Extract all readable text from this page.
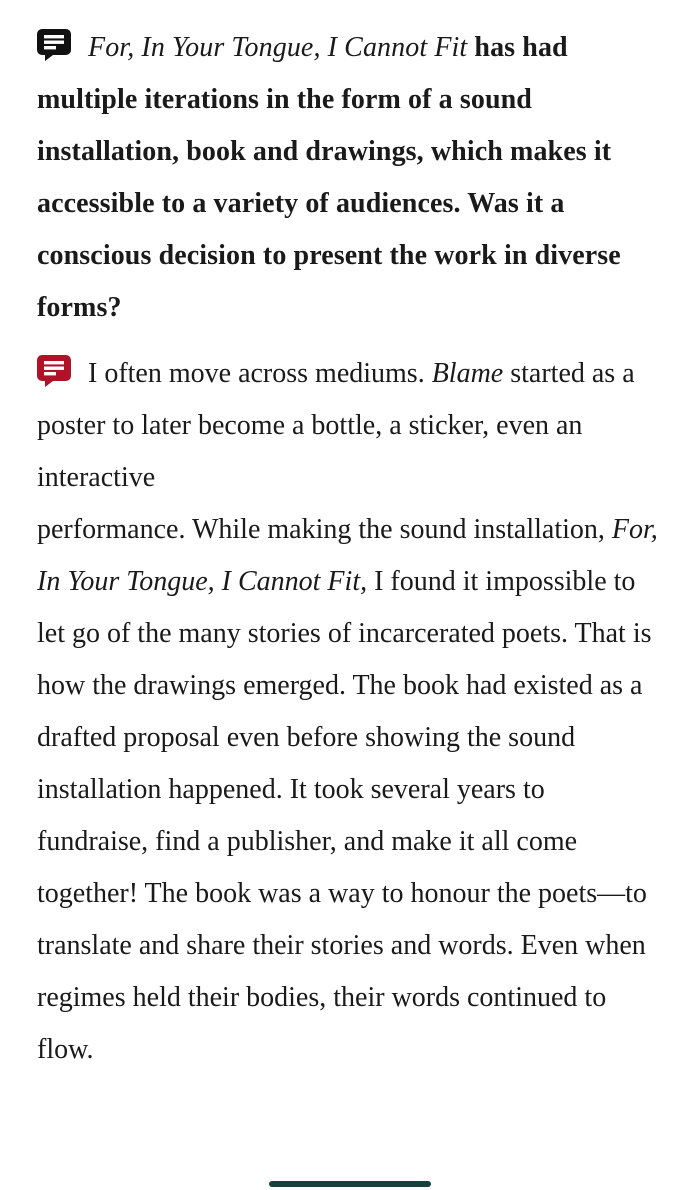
For, In Your Tongue, I Cannot Fit has had multiple iterations in the form of a sound installation, book and drawings, which makes it accessible to a variety of audiences. Was it a conscious decision to present the work in diverse forms?

I often move across mediums. Blame started as a poster to later become a bottle, a sticker, even an interactive
performance. While making the sound installation, For, In Your Tongue, I Cannot Fit, I found it impossible to let go of the many stories of incarcerated poets. That is how the drawings emerged. The book had existed as a drafted proposal even before showing the sound installation happened. It took several years to fundraise, find a publisher, and make it all come together! The book was a way to honour the poets—to translate and share their stories and words. Even when regimes held their bodies, their words continued to flow.
